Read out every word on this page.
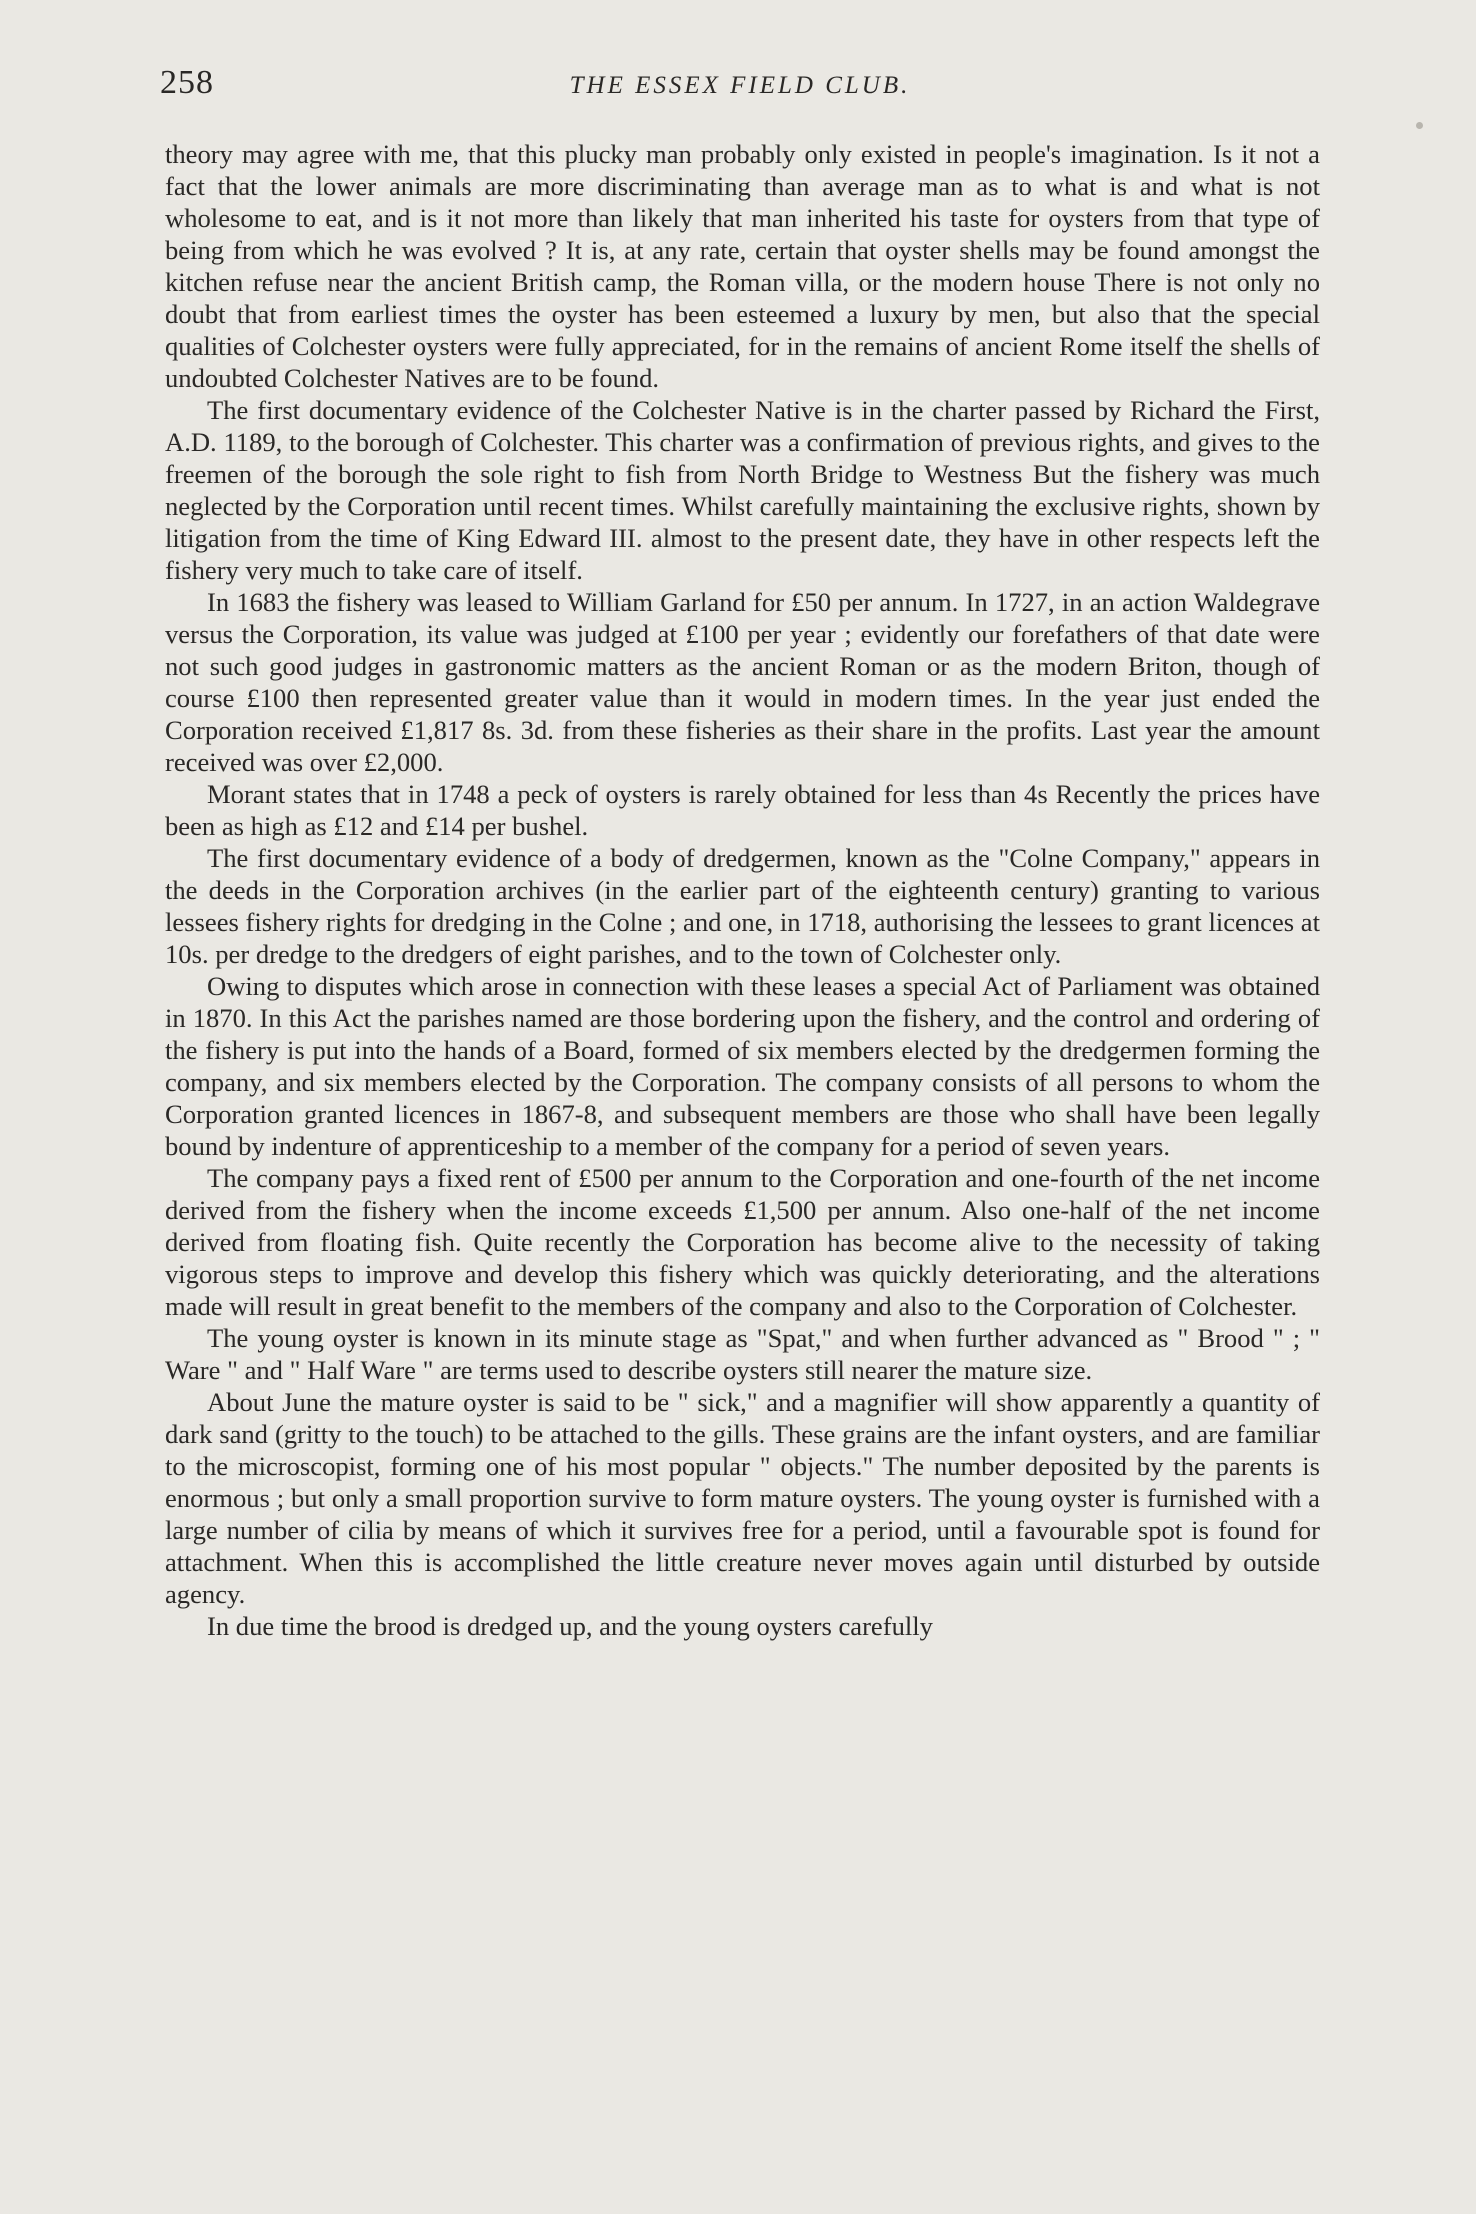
258	THE ESSEX FIELD CLUB.

theory may agree with me, that this plucky man probably only existed in people's imagination. Is it not a fact that the lower animals are more discriminating than average man as to what is and what is not wholesome to eat, and is it not more than likely that man inherited his taste for oysters from that type of being from which he was evolved ? It is, at any rate, certain that oyster shells may be found amongst the kitchen refuse near the ancient British camp, the Roman villa, or the modern house There is not only no doubt that from earliest times the oyster has been esteemed a luxury by men, but also that the special qualities of Colchester oysters were fully appreciated, for in the remains of ancient Rome itself the shells of undoubted Colchester Natives are to be found.

The first documentary evidence of the Colchester Native is in the charter passed by Richard the First, A.D. 1189, to the borough of Colchester. This charter was a confirmation of previous rights, and gives to the freemen of the borough the sole right to fish from North Bridge to Westness But the fishery was much neglected by the Corporation until recent times. Whilst carefully maintaining the exclusive rights, shown by litigation from the time of King Edward III. almost to the present date, they have in other respects left the fishery very much to take care of itself.

In 1683 the fishery was leased to William Garland for £50 per annum. In 1727, in an action Waldegrave versus the Corporation, its value was judged at £100 per year ; evidently our forefathers of that date were not such good judges in gastronomic matters as the ancient Roman or as the modern Briton, though of course £100 then represented greater value than it would in modern times. In the year just ended the Corporation received £1,817 8s. 3d. from these fisheries as their share in the profits. Last year the amount received was over £2,000.

Morant states that in 1748 a peck of oysters is rarely obtained for less than 4s Recently the prices have been as high as £12 and £14 per bushel.

The first documentary evidence of a body of dredgermen, known as the "Colne Company," appears in the deeds in the Corporation archives (in the earlier part of the eighteenth century) granting to various lessees fishery rights for dredging in the Colne ; and one, in 1718, authorising the lessees to grant licences at 10s. per dredge to the dredgers of eight parishes, and to the town of Colchester only.

Owing to disputes which arose in connection with these leases a special Act of Parliament was obtained in 1870. In this Act the parishes named are those bordering upon the fishery, and the control and ordering of the fishery is put into the hands of a Board, formed of six members elected by the dredgermen forming the company, and six members elected by the Corporation. The company consists of all persons to whom the Corporation granted licences in 1867-8, and subsequent members are those who shall have been legally bound by indenture of apprenticeship to a member of the company for a period of seven years.

The company pays a fixed rent of £500 per annum to the Corporation and one-fourth of the net income derived from the fishery when the income exceeds £1,500 per annum. Also one-half of the net income derived from floating fish. Quite recently the Corporation has become alive to the necessity of taking vigorous steps to improve and develop this fishery which was quickly deteriorating, and the alterations made will result in great benefit to the members of the company and also to the Corporation of Colchester.

The young oyster is known in its minute stage as "Spat," and when further advanced as " Brood " ; " Ware " and " Half Ware " are terms used to describe oysters still nearer the mature size.

About June the mature oyster is said to be " sick," and a magnifier will show apparently a quantity of dark sand (gritty to the touch) to be attached to the gills. These grains are the infant oysters, and are familiar to the microscopist, forming one of his most popular " objects." The number deposited by the parents is enormous ; but only a small proportion survive to form mature oysters. The young oyster is furnished with a large number of cilia by means of which it survives free for a period, until a favourable spot is found for attachment. When this is accomplished the little creature never moves again until disturbed by outside agency.

In due time the brood is dredged up, and the young oysters carefully
